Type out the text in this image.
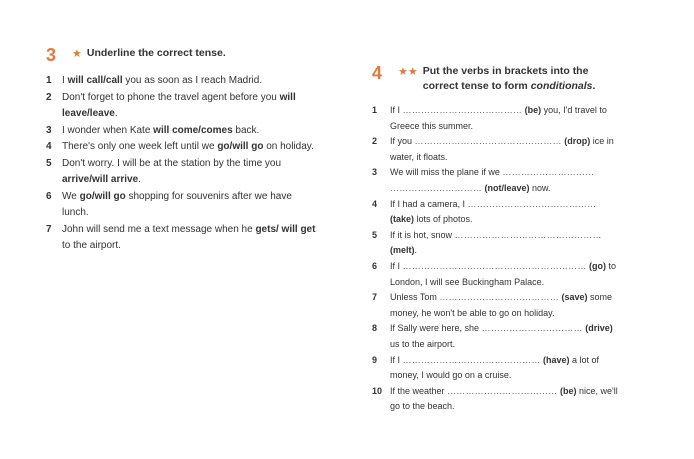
3	★ Underline the correct tense.
1	I will call/call you as soon as I reach Madrid.
2	Don't forget to phone the travel agent before you will leave/leave.
3	I wonder when Kate will come/comes back.
4	There's only one week left until we go/will go on holiday.
5	Don't worry. I will be at the station by the time you arrive/will arrive.
6	We go/will go shopping for souvenirs after we have lunch.
7	John will send me a text message when he gets/ will get to the airport.
4	★★ Put the verbs in brackets into the correct tense to form conditionals.
1	If I ………………………………… (be) you, I'd travel to Greece this summer.
2	If you ………………………………………… (drop) ice in water, it floats.
3	We will miss the plane if we ………………………… ………………………… (not/leave) now.
4	If I had a camera, I …………………………………… (take) lots of photos.
5	If it is hot, snow ………………………………………… (melt).
6	If I …………………………………………………… (go) to London, I will see Buckingham Palace.
7	Unless Tom ………………………………… (save) some money, he won't be able to go on holiday.
8	If Sally were here, she …………………………… (drive) us to the airport.
9	If I ……………………………………… (have) a lot of money, I would go on a cruise.
10 If the weather ……………………………… (be) nice, we'll go to the beach.
